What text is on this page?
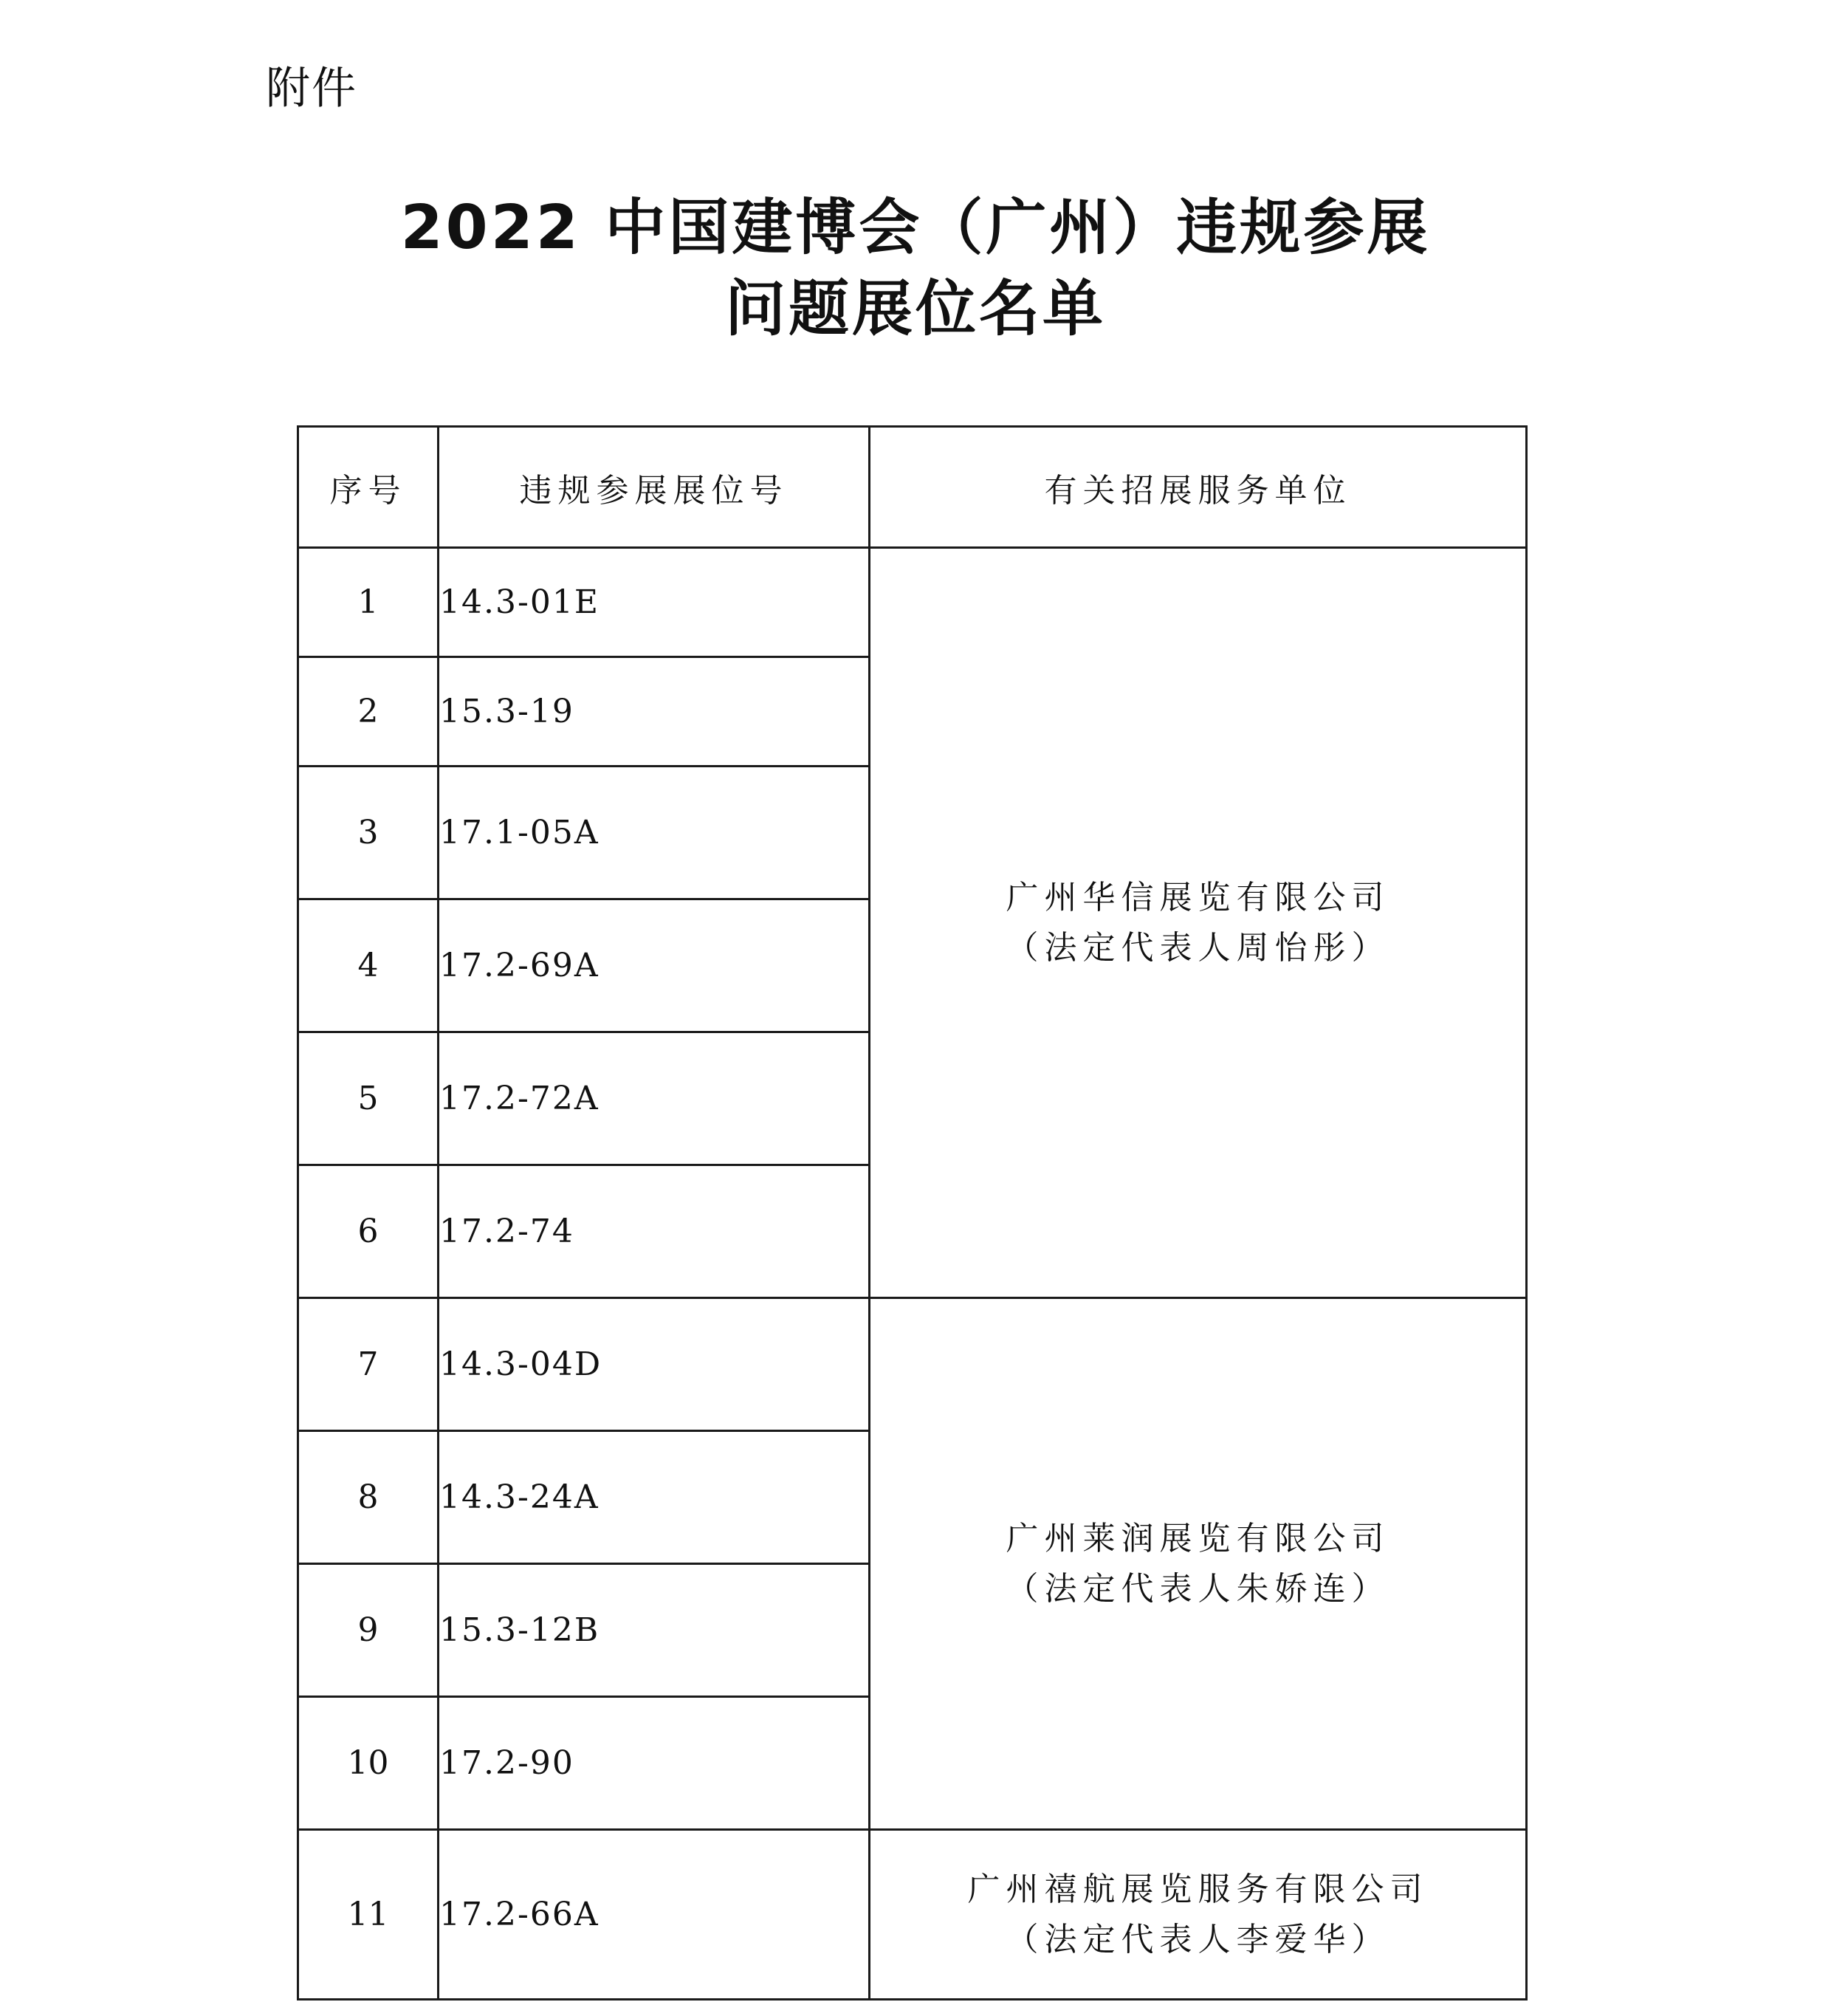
附件
2022 中国建博会（广州）违规参展
问题展位名单
序号	违规参展展位号	有关招展服务单位
1	14.3-01E	广州华信展览有限公司
（法定代表人周怡彤）

2	15.3-19	
3	17.1-05A	
4	17.2-69A	
5	17.2-72A	
6	17.2-74	
7	14.3-04D	广州莱润展览有限公司
（法定代表人朱娇连）

8	14.3-24A	
9	15.3-12B	
10	17.2-90	
11	17.2-66A	广州禧航展览服务有限公司
（法定代表人李爱华）
